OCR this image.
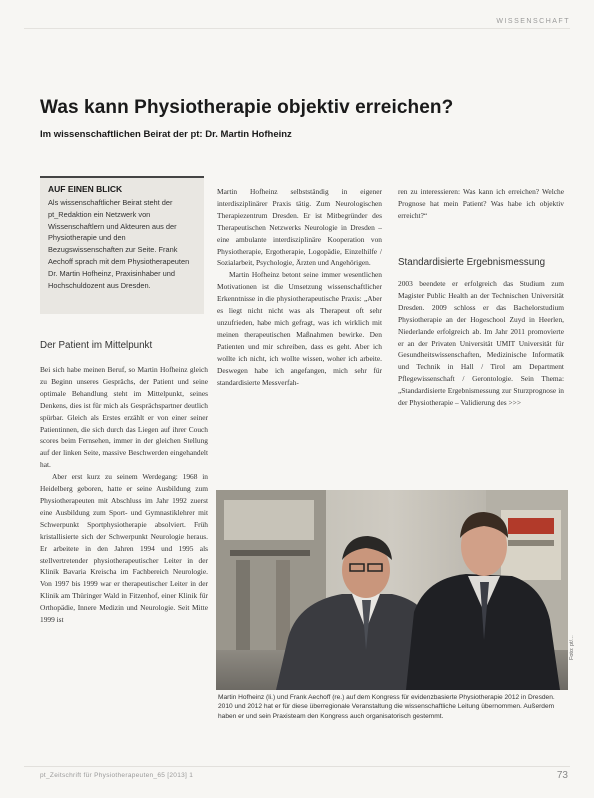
WISSENSCHAFT
Was kann Physiotherapie objektiv erreichen?
Im wissenschaftlichen Beirat der pt: Dr. Martin Hofheinz
AUF EINEN BLICK
Als wissenschaftlicher Beirat steht der pt_Redaktion ein Netzwerk von Wissenschaftlern und Akteuren aus der Physiotherapie und den Bezugswissenschaften zur Seite. Frank Aechoff sprach mit dem Physiotherapeuten Dr. Martin Hofheinz, Praxisinhaber und Hochschuldozent aus Dresden.
Der Patient im Mittelpunkt

Bei sich habe meinen Beruf, so Martin Hofheinz gleich zu Beginn unseres Gesprächs, der Patient und seine optimale Behandlung steht im Mittelpunkt, seines Denkens, dies ist für mich als Gesprächspartner deutlich spürbar. Gleich als Erstes erzählt er von einer seiner Patientinnen, die sich durch das Liegen auf ihrer Couch scores beim Fernsehen, immer in der gleichen Stellung auf der linken Seite, massive Beschwerden eingehandelt hat.

Aber erst kurz zu seinem Werdegang: 1968 in Heidelberg geboren, hatte er seine Ausbildung zum Physiotherapeuten mit Abschluss im Jahr 1992 zuerst eine Ausbildung zum Sport- und Gymnastiklehrer mit Schwerpunkt Sportphysiotherapie absolviert. Früh kristallisierte sich der Schwerpunkt Neurologie heraus. Er arbeitete in den Jahren 1994 und 1995 als stellvertretender physiotherapeutischer Leiter in der Klinik Bavaria Kreischa im Fachbereich Neurologie. Von 1997 bis 1999 war er therapeutischer Leiter in der Klinik am Thüringer Wald in Fitzenhof, einer Klinik für Orthopädie, Innere Medizin und Neurologie. Seit Mitte 1999 ist

Martin Hofheinz selbstständig in eigener interdisziplinärer Praxis tätig. Zum Neurologischen Therapiezentrum Dresden. Er ist Mitbegründer des Therapeutischen Netzwerks Neurologie in Dresden – eine ambulante interdisziplinäre Kooperation von Physiotherapie, Ergotherapie, Logopädie, Einzelhilfe / Sozialarbeit, Psychologie, Ärzten und Angehörigen.

Martin Hofheinz betont seine immer wesentlichen Motivationen ist die Umsetzung wissenschaftlicher Erkenntnisse in die physiotherapeutische Praxis: „Aber es liegt nicht nicht was als Therapeut oft sehr unzufrieden, habe mich gefragt, was ich wirklich mit meinen therapeutischen Maßnahmen bewirke. Den Patienten und mir schreiben, dass es geht. Aber ich wollte ich nicht, ich wollte wissen, woher ich arbeite. Deswegen habe ich angefangen, mich sehr für standardisierte Messverfah-

ren zu interessieren: Was kann ich erreichen? Welche Prognose hat mein Patient? Was habe ich objektiv erreicht?“

Standardisierte Ergebnismessung

2003 beendete er erfolgreich das Studium zum Magister Public Health an der Technischen Universität Dresden. 2009 schloss er das Bachelorstudium Physiotherapie an der Hogeschool Zuyd in Heerlen, Niederlande erfolgreich ab. Im Jahr 2011 promovierte er an der Privaten Universität UMIT Universität für Gesundheitswissenschaften, Medizinische Informatik und Technik in Hall / Tirol am Department Pflegewissenschaft / Gerontologie. Sein Thema: „Standardisierte Ergebnismessung zur Sturzprognose in der Physiotherapie – Validierung des >>>

Foto: pt/...
Martin Hofheinz (li.) und Frank Aechoff (re.) auf dem Kongress für evidenzbasierte Physiotherapie 2012 in Dresden. 2010 und 2012 hat er für diese überregionale Veranstaltung die wissenschaftliche Leitung übernommen. Außerdem haben er und sein Praxisteam den Kongress auch organisatorisch gestemmt.
pt_Zeitschrift für Physiotherapeuten_65 [2013] 1	73
